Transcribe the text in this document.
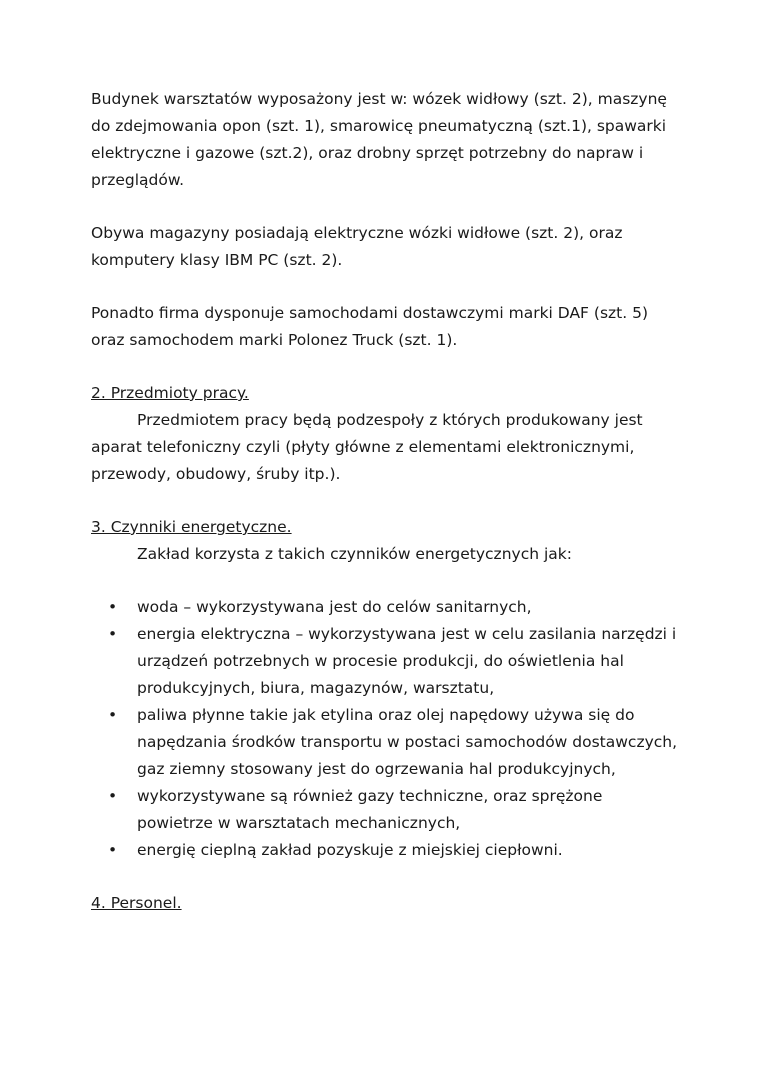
Budynek warsztatów wyposażony jest w: wózek widłowy (szt. 2), maszynę do zdejmowania opon (szt. 1), smarowicę pneumatyczną (szt.1), spawarki elektryczne i gazowe (szt.2), oraz drobny sprzęt potrzebny do napraw i przeglądów.

Obywa magazyny posiadają elektryczne wózki widłowe (szt. 2), oraz komputery klasy IBM PC (szt. 2).

Ponadto firma dysponuje samochodami dostawczymi marki DAF (szt. 5) oraz samochodem marki Polonez Truck (szt. 1).

2. Przedmioty pracy.

Przedmiotem pracy będą podzespoły z których produkowany jest aparat telefoniczny czyli (płyty główne z elementami elektronicznymi, przewody, obudowy, śruby itp.).

3. Czynniki energetyczne.

Zakład korzysta z takich czynników energetycznych jak:

• woda – wykorzystywana jest do celów sanitarnych,
• energia elektryczna – wykorzystywana jest w celu zasilania narzędzi i urządzeń potrzebnych w procesie produkcji, do oświetlenia hal produkcyjnych, biura, magazynów, warsztatu,
• paliwa płynne takie jak etylina oraz olej napędowy używa się do napędzania środków transportu w postaci samochodów dostawczych, gaz ziemny stosowany jest do ogrzewania hal produkcyjnych,
• wykorzystywane są również gazy techniczne, oraz sprężone powietrze w warsztatach mechanicznych,
• energię cieplną zakład pozyskuje z miejskiej ciepłowni.

4. Personel.
